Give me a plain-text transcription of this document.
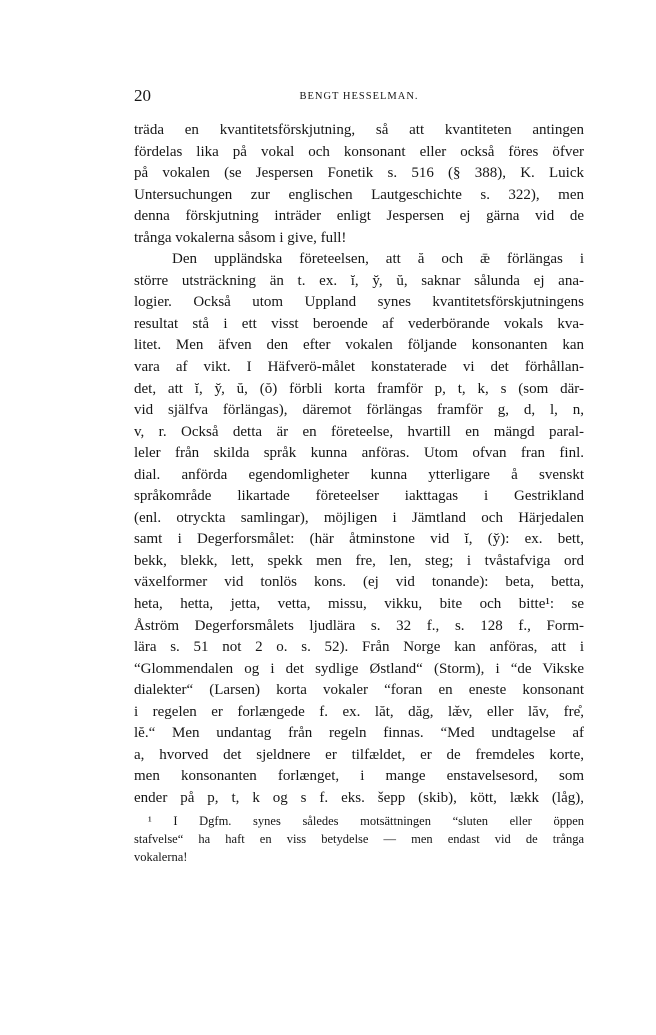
20	BENGT HESSELMAN.
träda en kvantitetsförskjutning, så att kvantiteten antingen
fördelas lika på vokal och konsonant eller också föres öfver
på vokalen (se Jespersen Fonetik s. 516 (§ 388), K. Luick
Untersuchungen zur englischen Lautgeschichte s. 322), men
denna förskjutning inträder enligt Jespersen ej gärna vid de
trånga vokalerna såsom i give, full!
Den uppländska företeelsen, att ă och ǣ förlängas i
större utsträckning än t. ex. ĭ, y̆, ŭ, saknar sålunda ej ana-
logier. Också utom Uppland synes kvantitetsförskjutningens
resultat stå i ett visst beroende af vederbörande vokals kva-
litet. Men äfven den efter vokalen följande konsonanten kan
vara af vikt. I Häfverö-målet konstaterade vi det förhållan-
det, att ĭ, y̆, ŭ, (ŏ) förbli korta framför p, t, k, s (som där-
vid själfva förlängas), däremot förlängas framför g, d, l, n,
v, r. Också detta är en företeelse, hvartill en mängd paral-
leler från skilda språk kunna anföras. Utom ofvan fran finl.
dial. anförda egendomligheter kunna ytterligare å svenskt
språkområde likartade företeelser iakttagas i Gestrikland
(enl. otryckta samlingar), möjligen i Jämtland och Härjedalen
samt i Degerforsmålet: (här åtminstone vid ĭ, (y̆): ex. bett,
bekk, blekk, lett, spekk men fre, len, steg; i tvåstafviga ord
växelformer vid tonlös kons. (ej vid tonande): beta, betta,
heta, hetta, jetta, vetta, missu, vikku, bite och bitte¹: se
Åström Degerforsmålets ljudlära s. 32 f., s. 128 f., Form-
lära s. 51 not 2 o. s. 52). Från Norge kan anföras, att i
“Glommendalen og i det sydlige Østland“ (Storm), i “de Vikske
dialekter“ (Larsen) korta vokaler “foran en eneste konsonant
i regelen er forlængede f. ex. lăt, dăg, læ̆v, eller lăv, fre̊,
lĕ.“ Men undantag från regeln finnas. “Med undtagelse af
a, hvorved det sjeldnere er tilfældet, er de fremdeles korte,
men konsonanten forlænget, i mange enstavelsesord, som
ender på p, t, k og s f. eks. šepp (skib), kött, lækk (låg),
¹ I Dgfm. synes således motsättningen “sluten eller öppen
stafvelse“ ha haft en viss betydelse — men endast vid de trånga
vokalerna!
